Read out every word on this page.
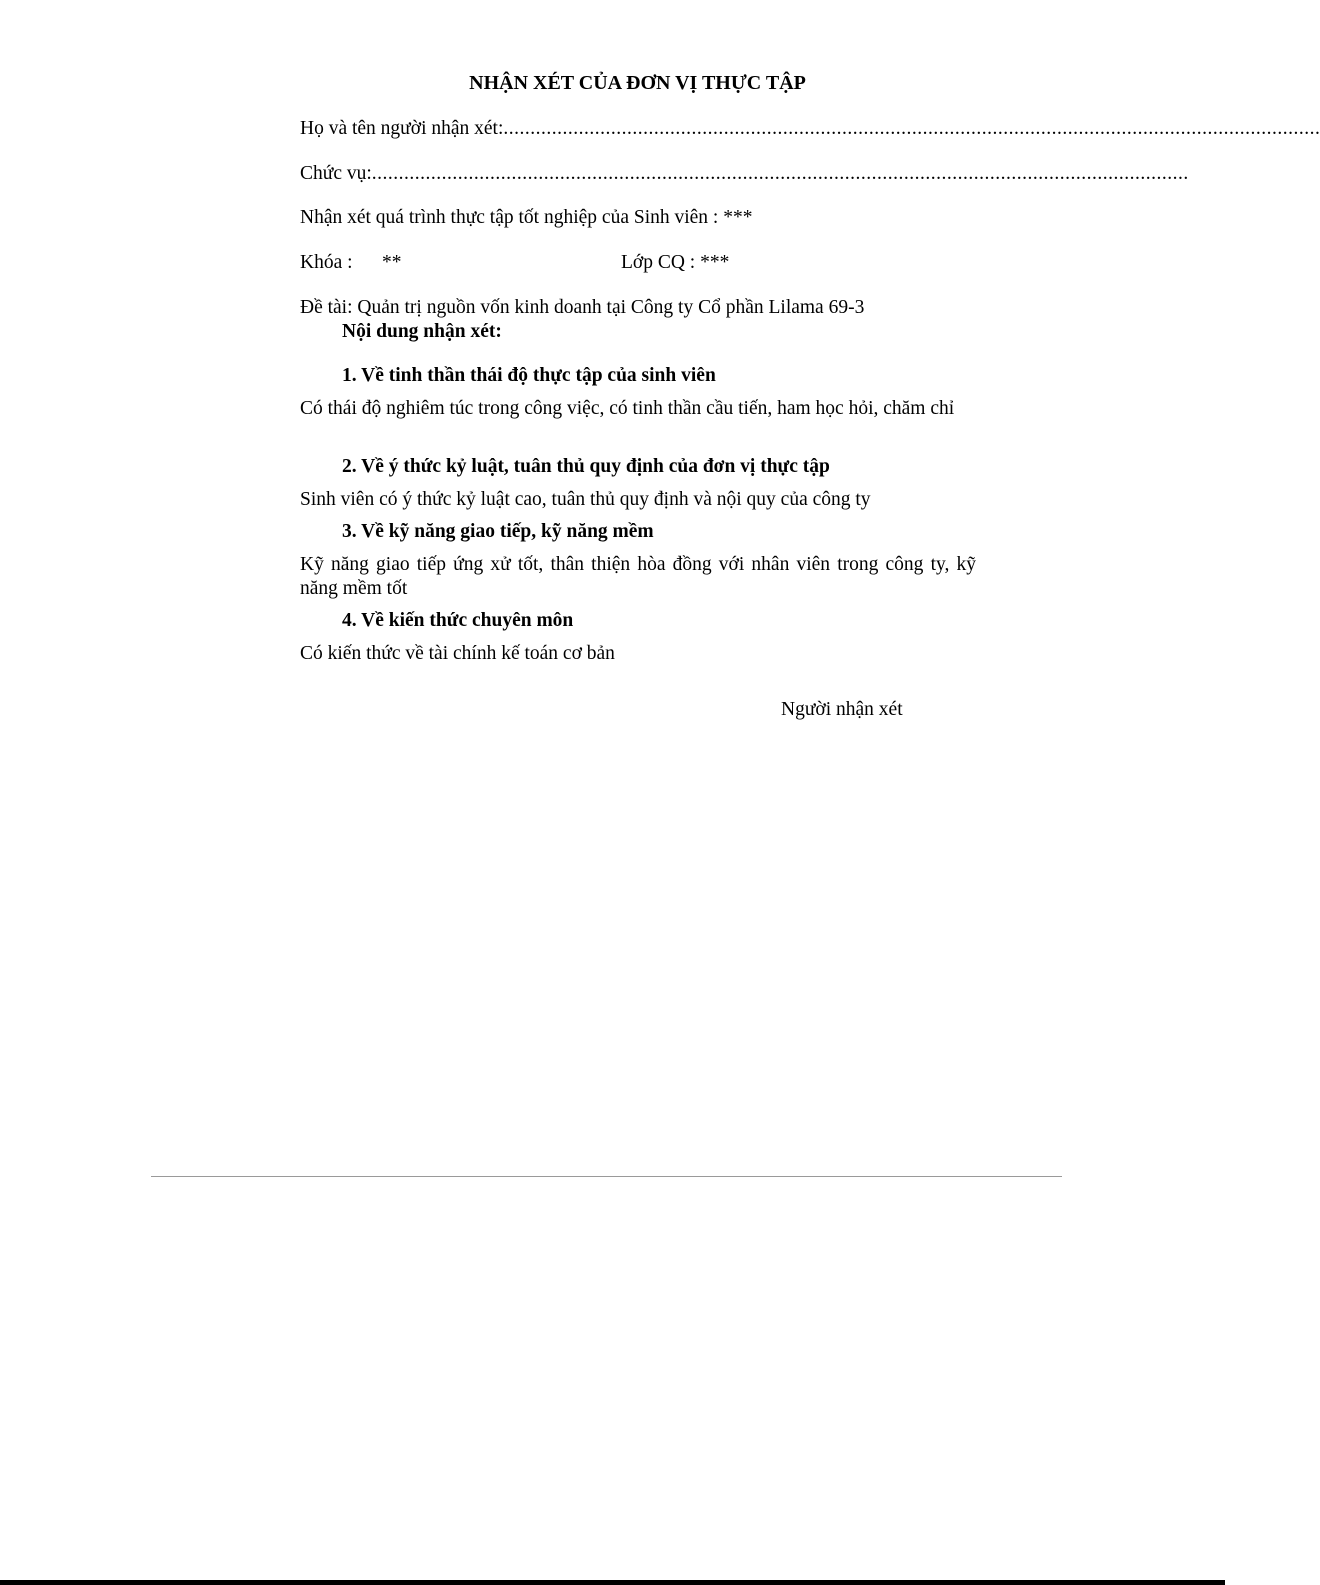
NHẬN XÉT CỦA ĐƠN VỊ THỰC TẬP
Họ và tên người nhận xét: ........................................................................................................................................................
Chức vụ: ........................................................................................................................................................
Nhận xét quá trình thực tập tốt nghiệp của Sinh viên : ***
Khóa : **	Lớp CQ : ***
Đề tài: Quản trị nguồn vốn kinh doanh tại Công ty Cổ phần Lilama 69-3
Nội dung nhận xét:
1. Về tinh thần thái độ thực tập của sinh viên
Có thái độ nghiêm túc trong công việc, có tinh thần cầu tiến, ham học hỏi, chăm chỉ
2. Về ý thức kỷ luật, tuân thủ quy định của đơn vị thực tập
Sinh viên có ý thức kỷ luật cao, tuân thủ quy định và nội quy của công ty
3. Về kỹ năng giao tiếp, kỹ năng mềm
Kỹ năng giao tiếp ứng xử tốt, thân thiện hòa đồng với nhân viên trong công ty, kỹ năng mềm tốt
4. Về kiến thức chuyên môn
Có kiến thức về tài chính kế toán cơ bản
Người nhận xét
